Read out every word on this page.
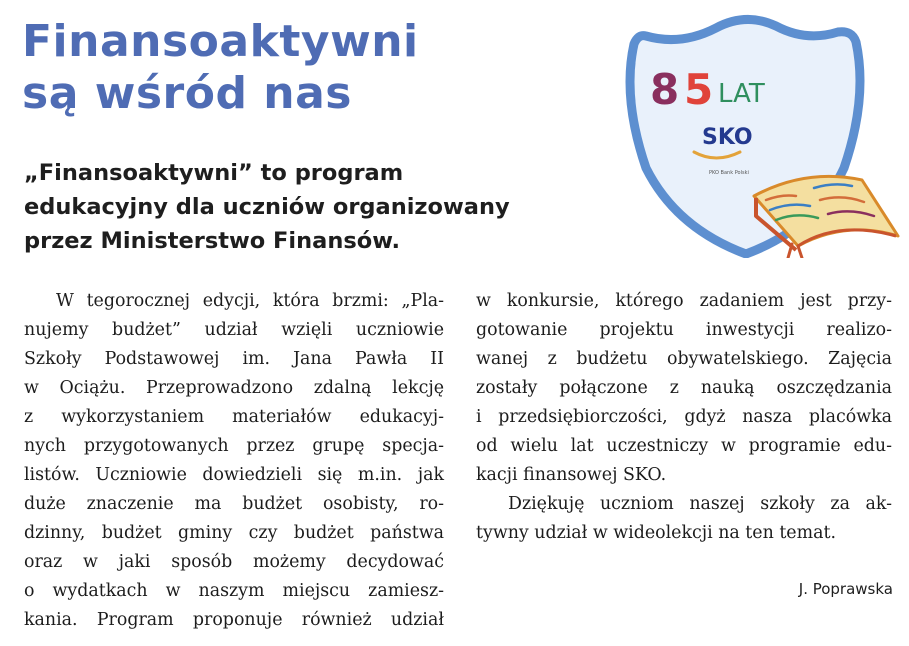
Finansoaktywni
są wśród nas
„Finansoaktywni” to program
edukacyjny dla uczniów organizowany
przez Ministerstwo Finansów.

W tegorocznej edycji, która brzmi: „Pla-
nujemy budżet” udział wzięli uczniowie
Szkoły Podstawowej im. Jana Pawła II
w Ociążu. Przeprowadzono zdalną lekcję
z wykorzystaniem materiałów edukacyj-
nych przygotowanych przez grupę specja-
listów. Uczniowie dowiedzieli się m.in. jak
duże znaczenie ma budżet osobisty, ro-
dzinny, budżet gminy czy budżet państwa
oraz w jaki sposób możemy decydować
o wydatkach w naszym miejscu zamiesz-
kania. Program proponuje również udział

w konkursie, którego zadaniem jest przy-
gotowanie projektu inwestycji realizo-
wanej z budżetu obywatelskiego. Zajęcia
zostały połączone z nauką oszczędzania
i przedsiębiorczości, gdyż nasza placówka
od wielu lat uczestniczy w programie edu-
kacji finansowej SKO.

Dziękuję uczniom naszej szkoły za ak-
tywny udział w wideolekcji na ten temat.

J. Poprawska
8 5 LAT
SKO
PKO Bank Polski
